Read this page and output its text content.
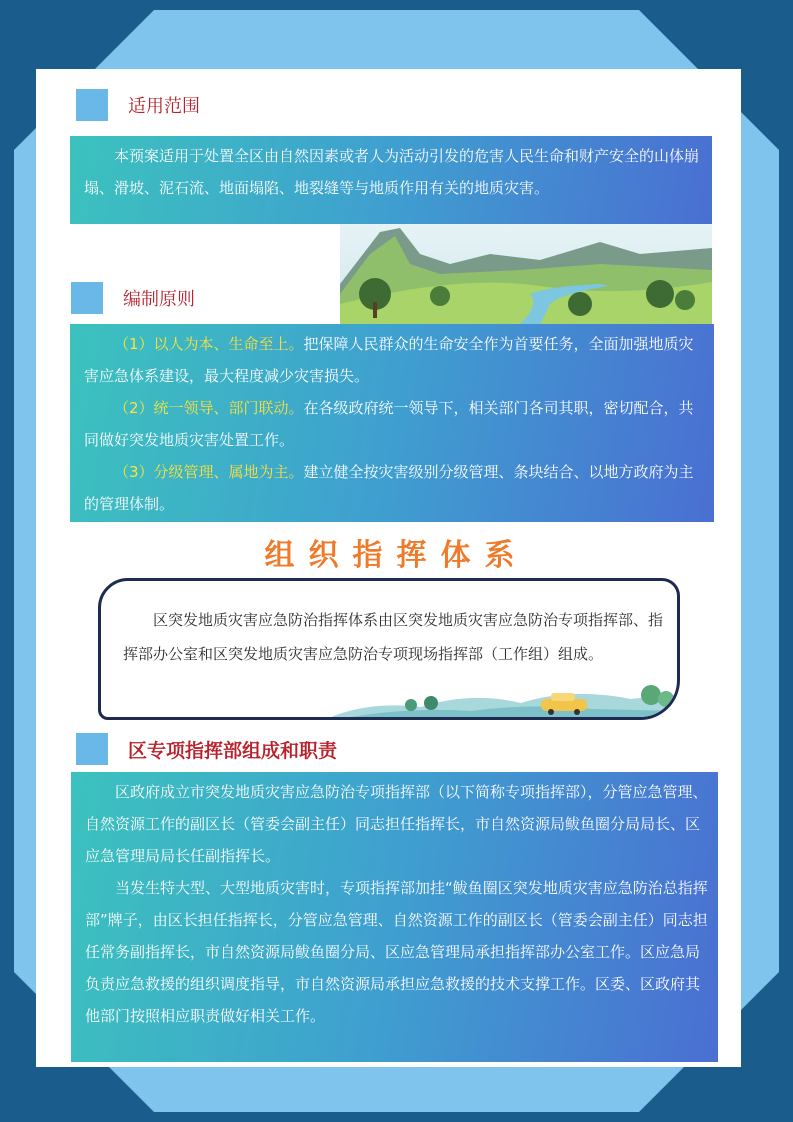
适用范围

本预案适用于处置全区由自然因素或者人为活动引发的危害人民生命和财产安全的山体崩塌、滑坡、泥石流、地面塌陷、地裂缝等与地质作用有关的地质灾害。

编制原则

（1）以人为本、生命至上。把保障人民群众的生命安全作为首要任务，全面加强地质灾害应急体系建设，最大程度减少灾害损失。

（2）统一领导、部门联动。在各级政府统一领导下，相关部门各司其职，密切配合，共同做好突发地质灾害处置工作。

（3）分级管理、属地为主。建立健全按灾害级别分级管理、条块结合、以地方政府为主的管理体制。

组织指挥体系

区突发地质灾害应急防治指挥体系由区突发地质灾害应急防治专项指挥部、指挥部办公室和区突发地质灾害应急防治专项现场指挥部（工作组）组成。

区专项指挥部组成和职责

区政府成立市突发地质灾害应急防治专项指挥部（以下简称专项指挥部），分管应急管理、自然资源工作的副区长（管委会副主任）同志担任指挥长，市自然资源局鲅鱼圈分局局长、区应急管理局局长任副指挥长。

当发生特大型、大型地质灾害时，专项指挥部加挂“鲅鱼圈区突发地质灾害应急防治总指挥部”牌子，由区长担任指挥长，分管应急管理、自然资源工作的副区长（管委会副主任）同志担任常务副指挥长，市自然资源局鲅鱼圈分局、区应急管理局承担指挥部办公室工作。区应急局负责应急救援的组织调度指导，市自然资源局承担应急救援的技术支撑工作。区委、区政府其他部门按照相应职责做好相关工作。
